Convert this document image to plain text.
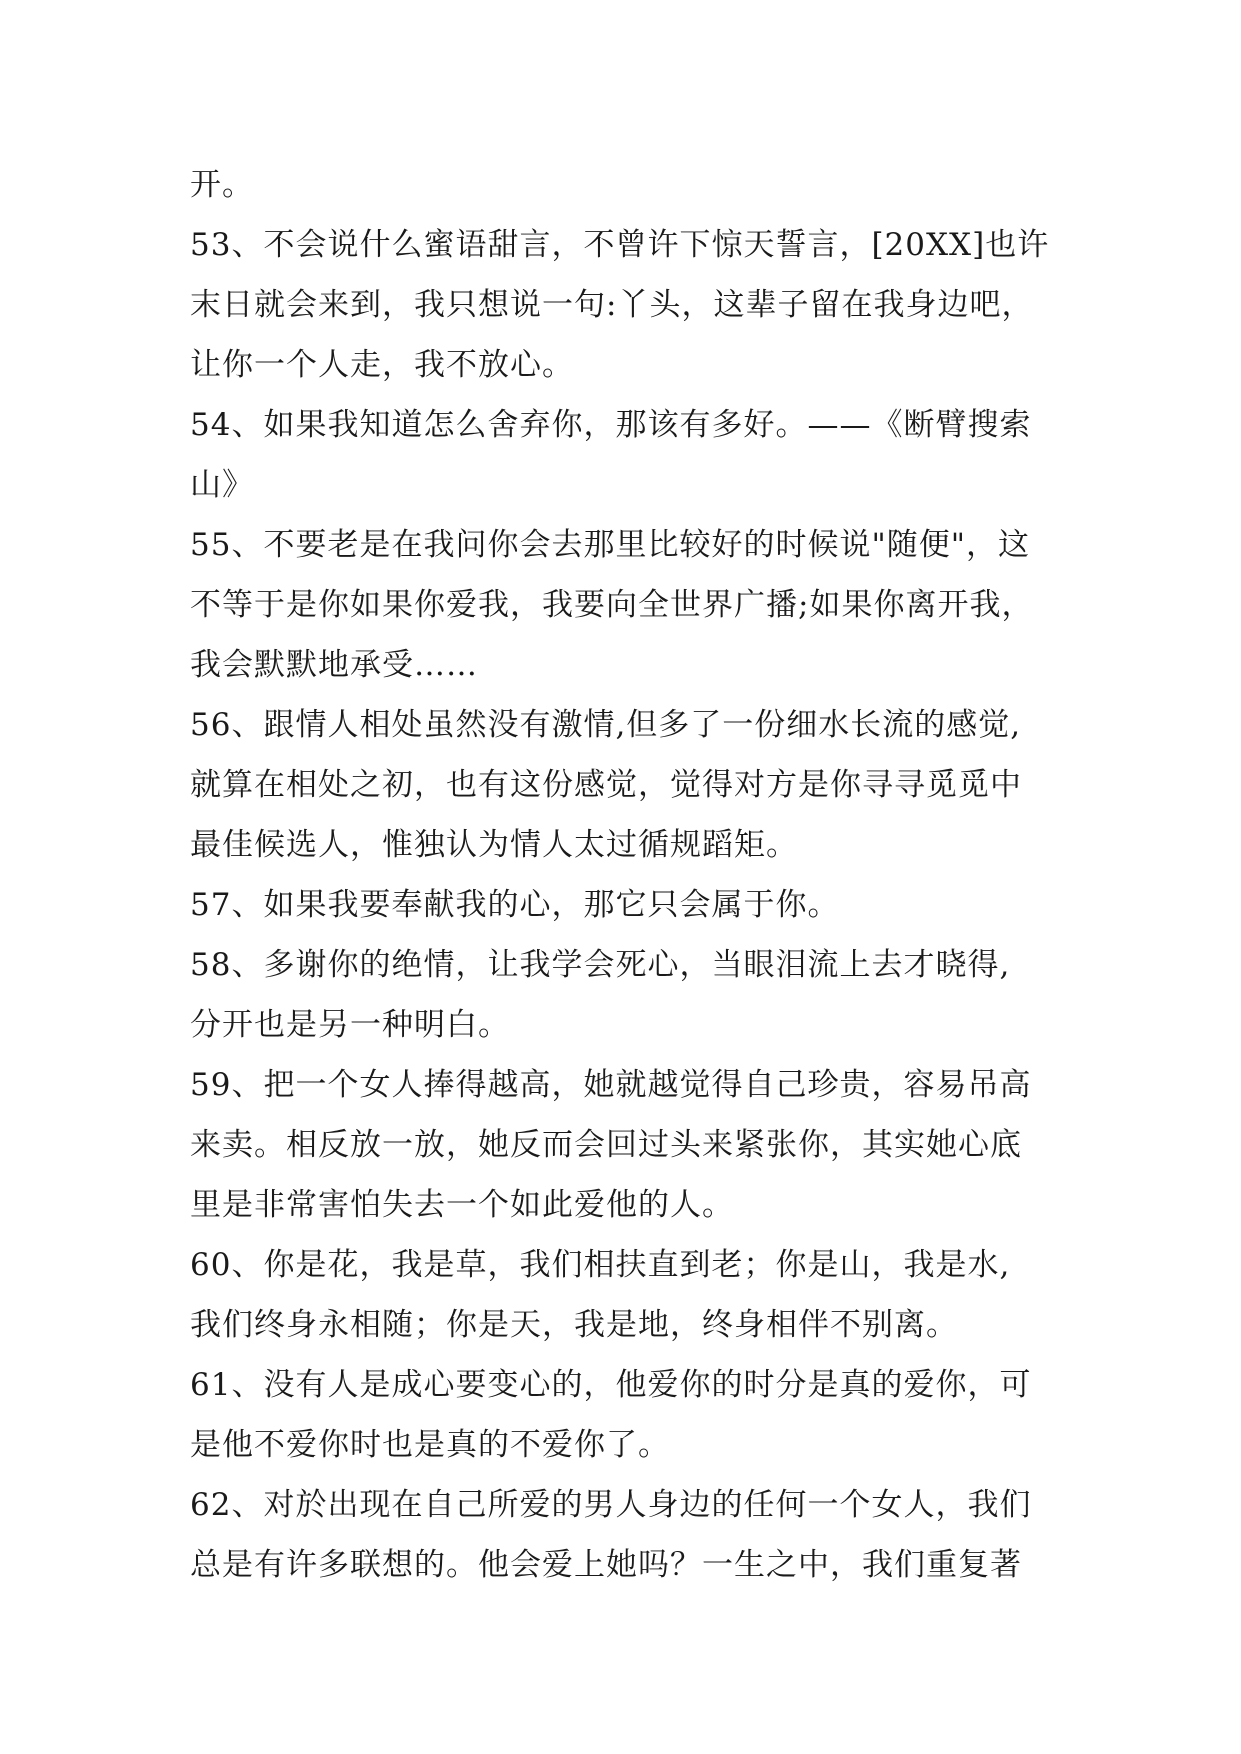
开。
53、不会说什么蜜语甜言，不曾许下惊天誓言，[20XX]也许
末日就会来到，我只想说一句:丫头，这辈子留在我身边吧，
让你一个人走，我不放心。
54、如果我知道怎么舍弃你，那该有多好。——《断臂搜索
山》
55、不要老是在我问你会去那里比较好的时候说"随便"，这
不等于是你如果你爱我，我要向全世界广播;如果你离开我，
我会默默地承受……
56、跟情人相处虽然没有激情,但多了一份细水长流的感觉,
就算在相处之初，也有这份感觉，觉得对方是你寻寻觅觅中
最佳候选人，惟独认为情人太过循规蹈矩。
57、如果我要奉献我的心，那它只会属于你。
58、多谢你的绝情，让我学会死心，当眼泪流上去才晓得,
分开也是另一种明白。
59、把一个女人捧得越高，她就越觉得自己珍贵，容易吊高
来卖。相反放一放，她反而会回过头来紧张你，其实她心底
里是非常害怕失去一个如此爱他的人。
60、你是花，我是草，我们相扶直到老；你是山，我是水,
我们终身永相随；你是天，我是地，终身相伴不别离。
61、没有人是成心要变心的，他爱你的时分是真的爱你，可
是他不爱你时也是真的不爱你了。
62、对於出现在自己所爱的男人身边的任何一个女人，我们
总是有许多联想的。他会爱上她吗？一生之中，我们重复著
